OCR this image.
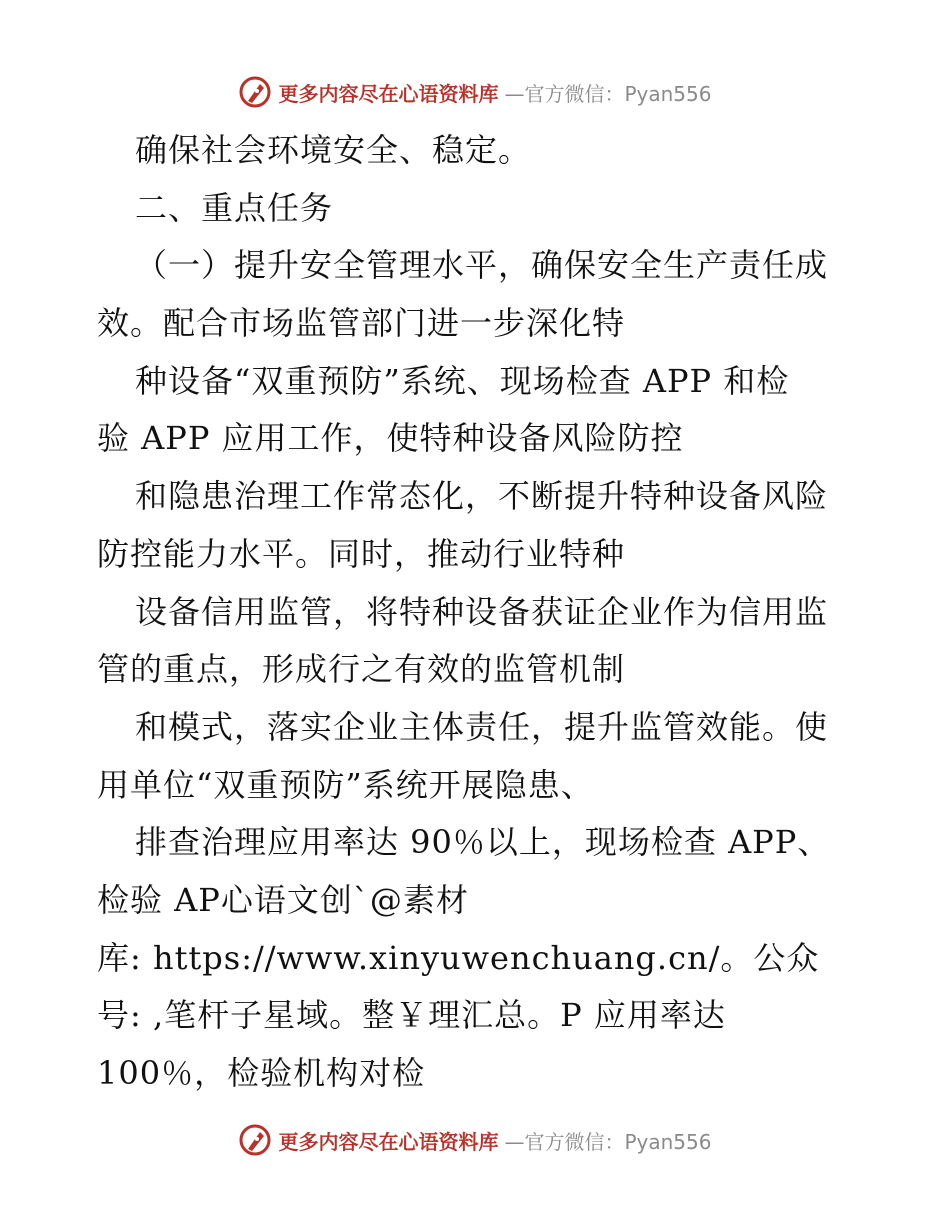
更多内容尽在心语资料库 —官方微信：Pyan556
确保社会环境安全、稳定。
二、重点任务
（一）提升安全管理水平，确保安全生产责任成
效。配合市场监管部门进一步深化特
种设备“双重预防”系统、现场检查 APP 和检
验 APP 应用工作，使特种设备风险防控
和隐患治理工作常态化，不断提升特种设备风险
防控能力水平。同时，推动行业特种
设备信用监管，将特种设备获证企业作为信用监
管的重点，形成行之有效的监管机制
和模式，落实企业主体责任，提升监管效能。使
用单位“双重预防”系统开展隐患、
排查治理应用率达 90％以上，现场检查 APP、
检验 AP心语文创`@素材
库: https://www.xinyuwenchuang.cn/。公众
号: ,笔杆子星域。整￥理汇总。P 应用率达
100％，检验机构对检
更多内容尽在心语资料库 —官方微信：Pyan556
